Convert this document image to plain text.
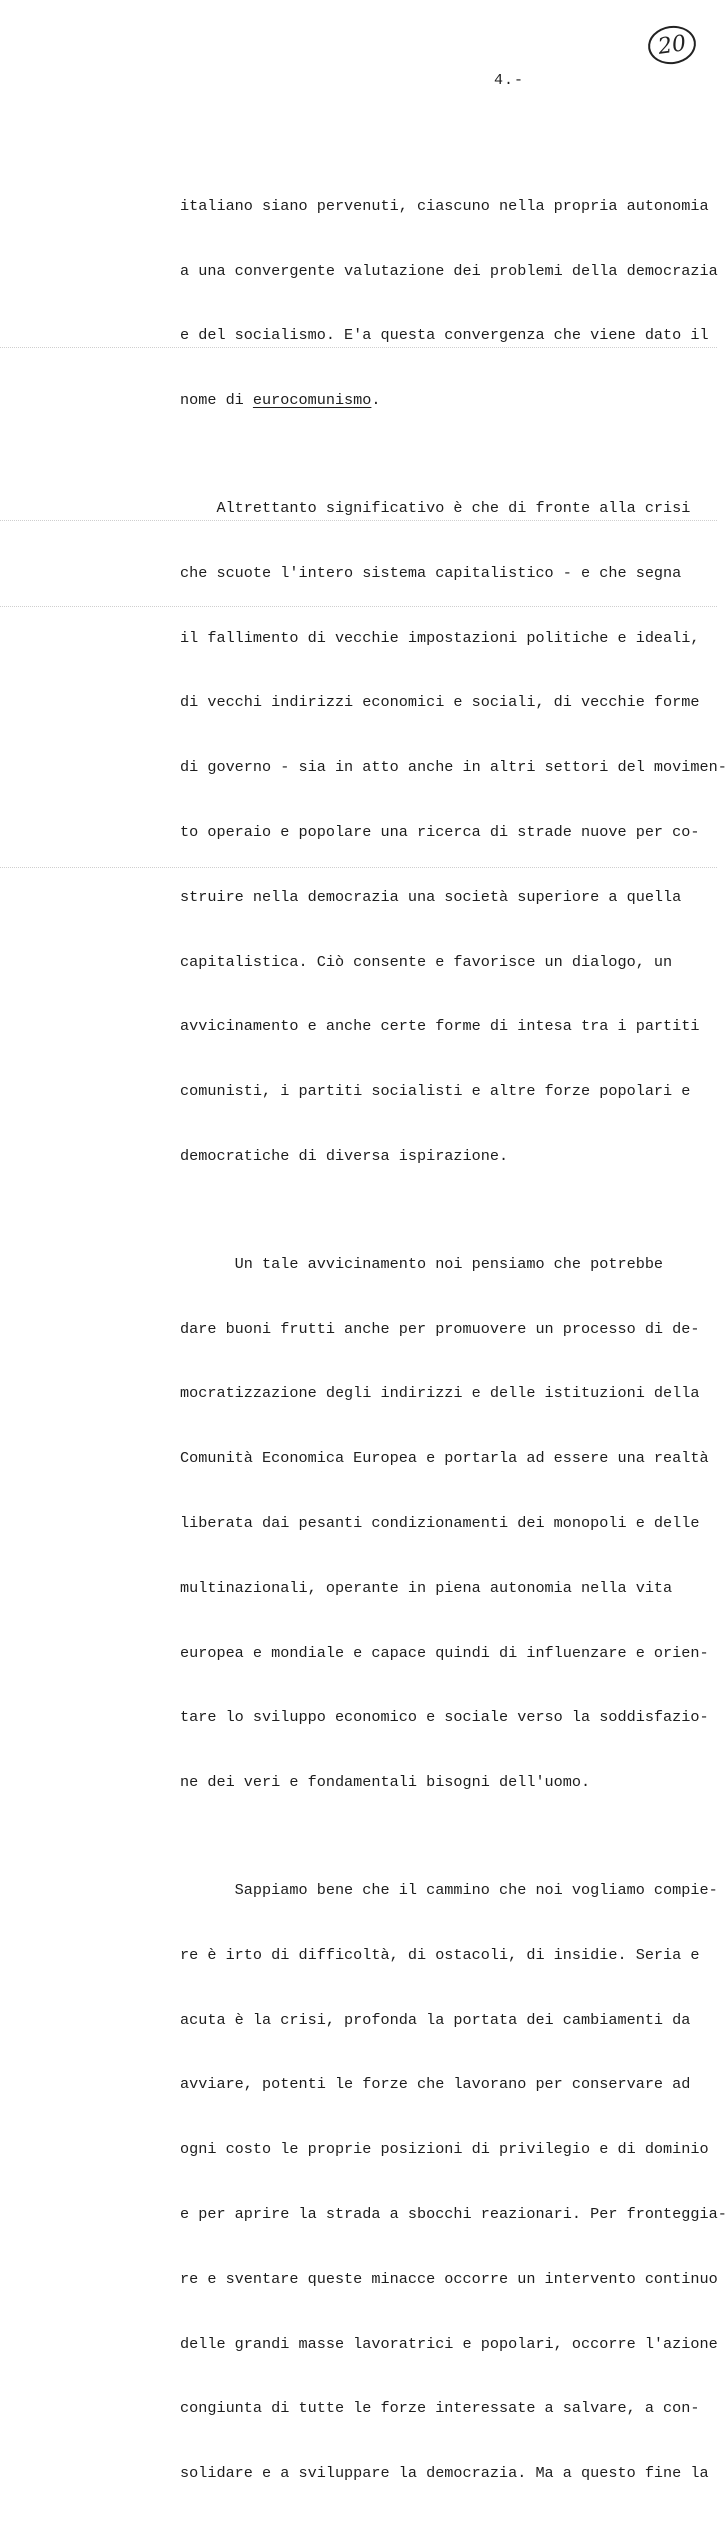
20
4.-

italiano siano pervenuti, ciascuno nella propria autonomia

a una convergente valutazione dei problemi della democrazia

e del socialismo. E'a questa convergenza che viene dato il

nome di eurocomunismo.

Altrettanto significativo è che di fronte alla crisi

che scuote l'intero sistema capitalistico - e che segna

il fallimento di vecchie impostazioni politiche e ideali,

di vecchi indirizzi economici e sociali, di vecchie forme

di governo - sia in atto anche in altri settori del movimen-

to operaio e popolare una ricerca di strade nuove per co-

struire nella democrazia una società superiore a quella

capitalistica. Ciò consente e favorisce un dialogo, un

avvicinamento e anche certe forme di intesa tra i partiti

comunisti, i partiti socialisti e altre forze popolari e

democratiche di diversa ispirazione.

Un tale avvicinamento noi pensiamo che potrebbe

dare buoni frutti anche per promuovere un processo di de-

mocratizzazione degli indirizzi e delle istituzioni della

Comunità Economica Europea e portarla ad essere una realtà

liberata dai pesanti condizionamenti dei monopoli e delle

multinazionali, operante in piena autonomia nella vita

europea e mondiale e capace quindi di influenzare e orien-

tare lo sviluppo economico e sociale verso la soddisfazio-

ne dei veri e fondamentali bisogni dell'uomo.

Sappiamo bene che il cammino che noi vogliamo compie-

re è irto di difficoltà, di ostacoli, di insidie. Seria e

acuta è la crisi, profonda la portata dei cambiamenti da

avviare, potenti le forze che lavorano per conservare ad

ogni costo le proprie posizioni di privilegio e di dominio

e per aprire la strada a sbocchi reazionari. Per fronteggia-

re e sventare queste minacce occorre un intervento continuo

delle grandi masse lavoratrici e popolari, occorre l'azione

congiunta di tutte le forze interessate a salvare, a con-

solidare e a sviluppare la democrazia. Ma a questo fine la
